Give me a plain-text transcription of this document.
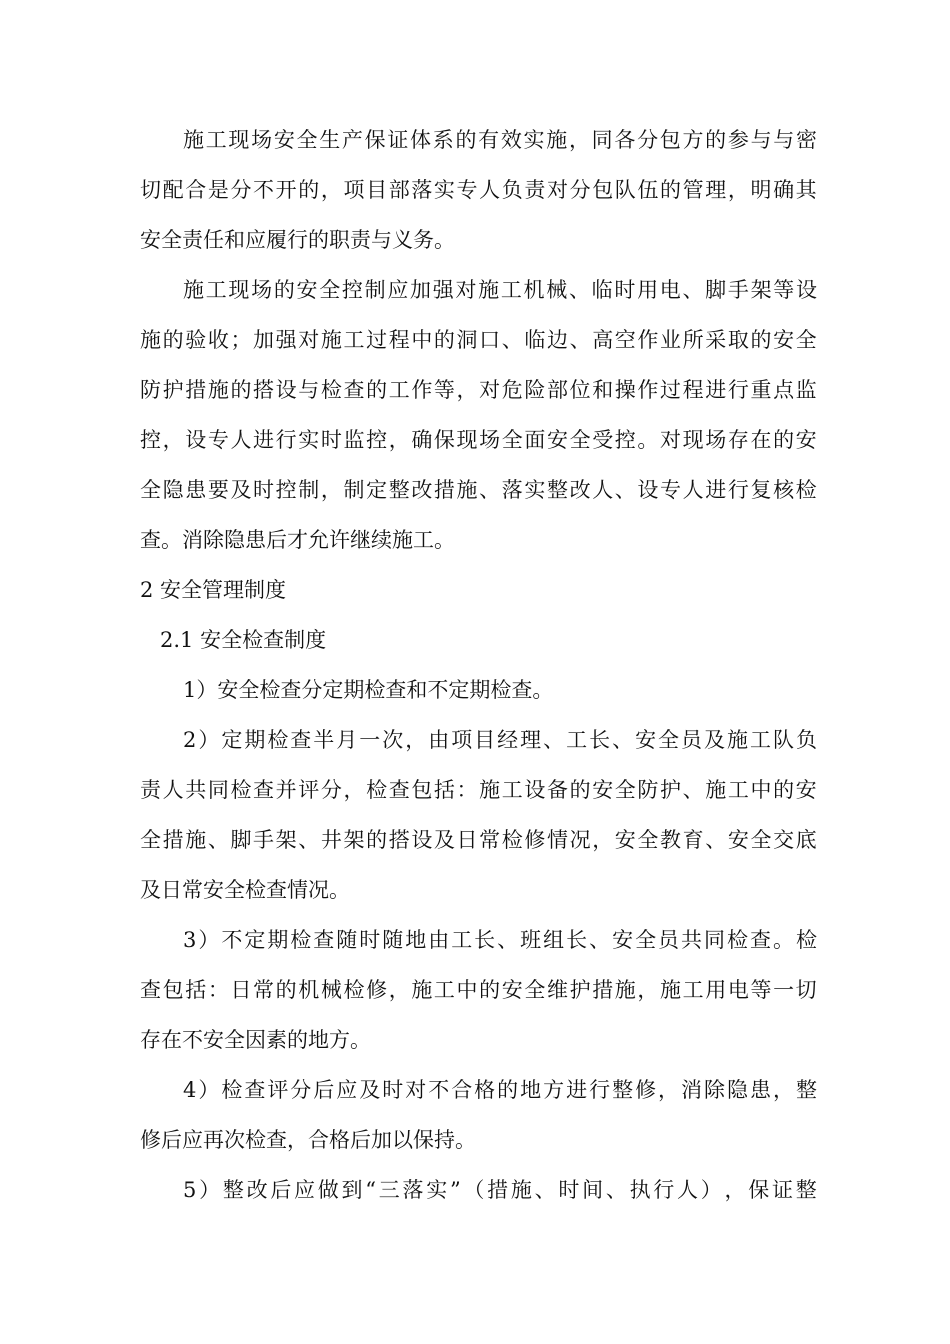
施 工 现 场 安 全 生 产 保 证 体 系 的 有 效 实 施 ， 同 各 分 包 方 的 参 与 与 密
切 配 合 是 分 不 开 的 ， 项 目 部 落 实 专 人 负 责 对 分 包 队 伍 的 管 理 ， 明 确 其
安全责任和应履行的职责与义务。
施 工 现 场 的 安 全 控 制 应 加 强 对 施 工 机 械 、 临 时 用 电 、 脚 手 架 等 设
施 的 验 收 ； 加 强 对 施 工 过 程 中 的 洞 口 、 临 边 、 高 空 作 业 所 采 取 的 安 全
防 护 措 施 的 搭 设 与 检 查 的 工 作 等 ， 对 危 险 部 位 和 操 作 过 程 进 行 重 点 监
控 ， 设 专 人 进 行 实 时 监 控 ， 确 保 现 场 全 面 安 全 受 控 。 对 现 场 存 在 的 安
全 隐 患 要 及 时 控 制 ， 制 定 整 改 措 施 、 落 实 整 改 人 、 设 专 人 进 行 复 核 检
查。消除隐患后才允许继续施工。
2 安全管理制度
2.1 安全检查制度
1）安全检查分定期检查和不定期检查。
2 ） 定 期 检 查 半 月 一 次 ， 由 项 目 经 理 、 工 长 、 安 全 员 及 施 工 队 负
责 人 共 同 检 查 并 评 分 ， 检 查 包 括 ： 施 工 设 备 的 安 全 防 护 、 施 工 中 的 安
全 措 施 、 脚 手 架 、 井 架 的 搭 设 及 日 常 检 修 情 况 ， 安 全 教 育 、 安 全 交 底
及日常安全检查情况。
3 ） 不 定 期 检 查 随 时 随 地 由 工 长 、 班 组 长 、 安 全 员 共 同 检 查 。 检
查 包 括 ： 日 常 的 机 械 检 修 ， 施 工 中 的 安 全 维 护 措 施 ， 施 工 用 电 等 一 切
存在不安全因素的地方。
4 ） 检 查 评 分 后 应 及 时 对 不 合 格 的 地 方 进 行 整 修 ， 消 除 隐 患 ， 整
修后应再次检查，合格后加以保持。
5 ） 整 改 后 应 做 到 “ 三 落 实 ” （ 措 施 、 时 间 、 执 行 人 ） ， 保 证 整
